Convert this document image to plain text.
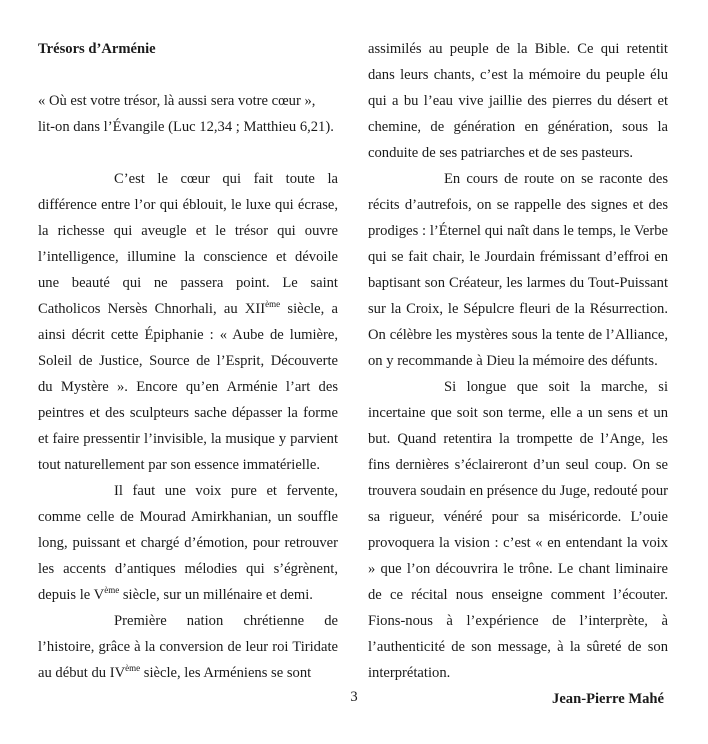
Trésors d’Arménie

« Où est votre trésor, là aussi sera votre cœur »,

lit-on dans l’Évangile (Luc 12,34 ; Matthieu 6,21).

C’est le cœur qui fait toute la différence entre l’or qui éblouit, le luxe qui écrase, la richesse qui aveugle et le trésor qui ouvre l’intelligence, illumine la conscience et dévoile une beauté qui ne passera point. Le saint Catholicos Nersès Chnorhali, au XIIème siècle, a ainsi décrit cette Épiphanie : « Aube de lumière, Soleil de Justice, Source de l’Esprit, Découverte du Mystère ». Encore qu’en Arménie l’art des peintres et des sculpteurs sache dépasser la forme et faire pressentir l’invisible, la musique y parvient tout naturellement par son essence immatérielle.

Il faut une voix pure et fervente, comme celle de Mourad Amirkhanian, un souffle long, puissant et chargé d’émotion, pour retrouver les accents d’antiques mélodies qui s’égrènent, depuis le Vème siècle, sur un millénaire et demi.

Première nation chrétienne de l’histoire, grâce à la conversion de leur roi Tiridate au début du IVème siècle, les Arméniens se sont

assimilés au peuple de la Bible. Ce qui retentit dans leurs chants, c’est la mémoire du peuple élu qui a bu l’eau vive jaillie des pierres du désert et chemine, de génération en génération, sous la conduite de ses patriarches et de ses pasteurs.

En cours de route on se raconte des récits d’autrefois, on se rappelle des signes et des prodiges : l’Éternel qui naît dans le temps, le Verbe qui se fait chair, le Jourdain frémissant d’effroi en baptisant son Créateur, les larmes du Tout-Puissant sur la Croix, le Sépulcre fleuri de la Résurrection. On célèbre les mystères sous la tente de l’Alliance, on y recommande à Dieu la mémoire des défunts.

Si longue que soit la marche, si incertaine que soit son terme, elle a un sens et un but. Quand retentira la trompette de l’Ange, les fins dernières s’éclaireront d’un seul coup. On se trouvera soudain en présence du Juge, redouté pour sa rigueur, vénéré pour sa miséricorde. L’ouie provoquera la vision : c’est « en entendant la voix » que l’on découvrira le trône. Le chant liminaire de ce récital nous enseigne comment l’écouter. Fions-nous à l’expérience de l’interprète, à l’authenticité de son message, à la sûreté de son interprétation.

Jean-Pierre Mahé

3
